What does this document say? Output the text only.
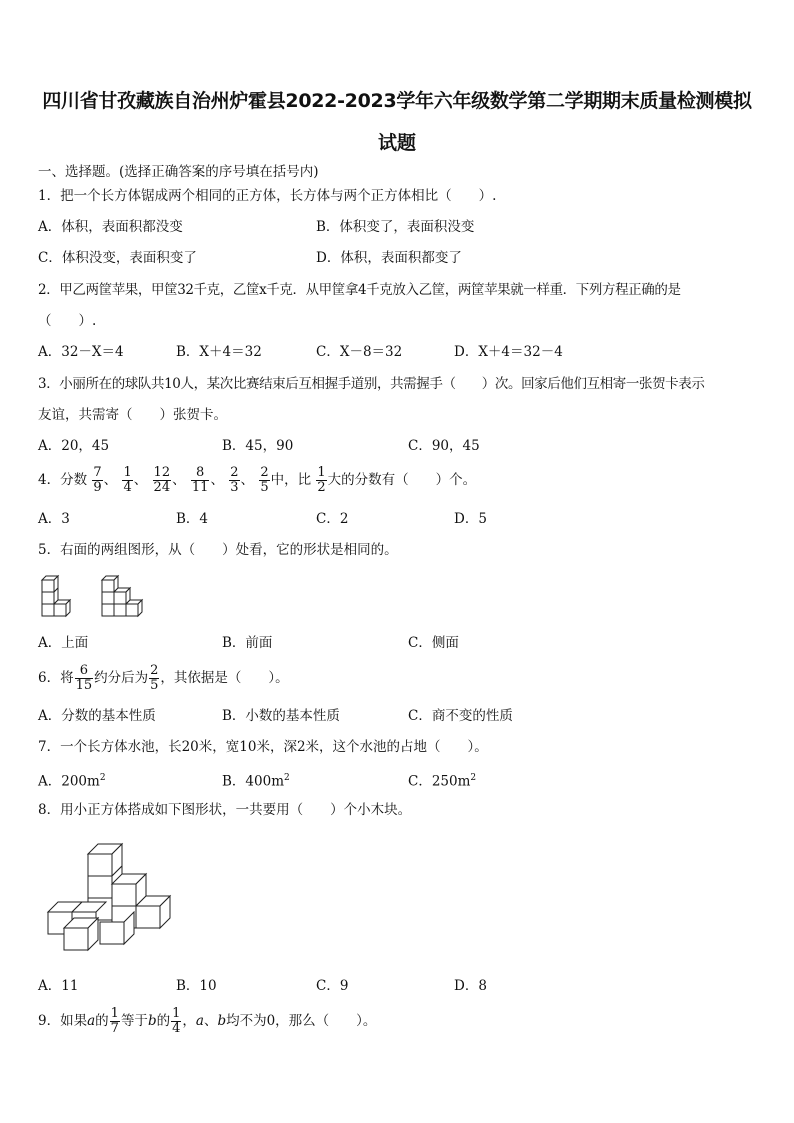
四川省甘孜藏族自治州炉霍县2022-2023学年六年级数学第二学期期末质量检测模拟
试题
一、选择题。(选择正确答案的序号填在括号内)
1．把一个长方体锯成两个相同的正方体，长方体与两个正方体相比（　　）.
A．体积，表面积都没变	B．体积变了，表面积没变
C．体积没变，表面积变了	D．体积，表面积都变了
2．甲乙两筐苹果，甲筐32千克，乙筐x千克．从甲筐拿4千克放入乙筐，两筐苹果就一样重．下列方程正确的是
（　　）.
A．32－X＝4	B．X＋4＝32	C．X－8＝32	D．X＋4＝32－4
3．小丽所在的球队共10人，某次比赛结束后互相握手道别，共需握手（　　）次。回家后他们互相寄一张贺卡表示
友谊，共需寄（　　）张贺卡。
A．20，45	B．45，90	C．90，45
4．分数 $\frac{7}{9}$ 、 $\frac{1}{4}$ 、 $\frac{12}{24}$ 、 $\frac{8}{11}$ 、 $\frac{2}{3}$ 、 $\frac{2}{5}$ 中，比 $\frac{1}{2}$ 大的分数有（　　）个。
A．3	B．4	C．2	D．5
5．右面的两组图形，从（　　）处看，它的形状是相同的。
A．上面	B．前面	C．侧面
6．将 $\frac{6}{15}$ 约分后为 $\frac{2}{5}$ ，其依据是（　　）。
A．分数的基本性质	B．小数的基本性质	C．商不变的性质
7．一个长方体水池，长20米，宽10米，深2米，这个水池的占地（　　）。
A．$200m^2$	B．$400m^2$	C．$250m^2$
8．用小正方体搭成如下图形状，一共要用（　　）个小木块。
A．11	B．10	C．9	D．8
9．如果a的 $\frac{1}{7}$ 等于b的 $\frac{1}{4}$ ，a、b均不为0，那么（　　）。
